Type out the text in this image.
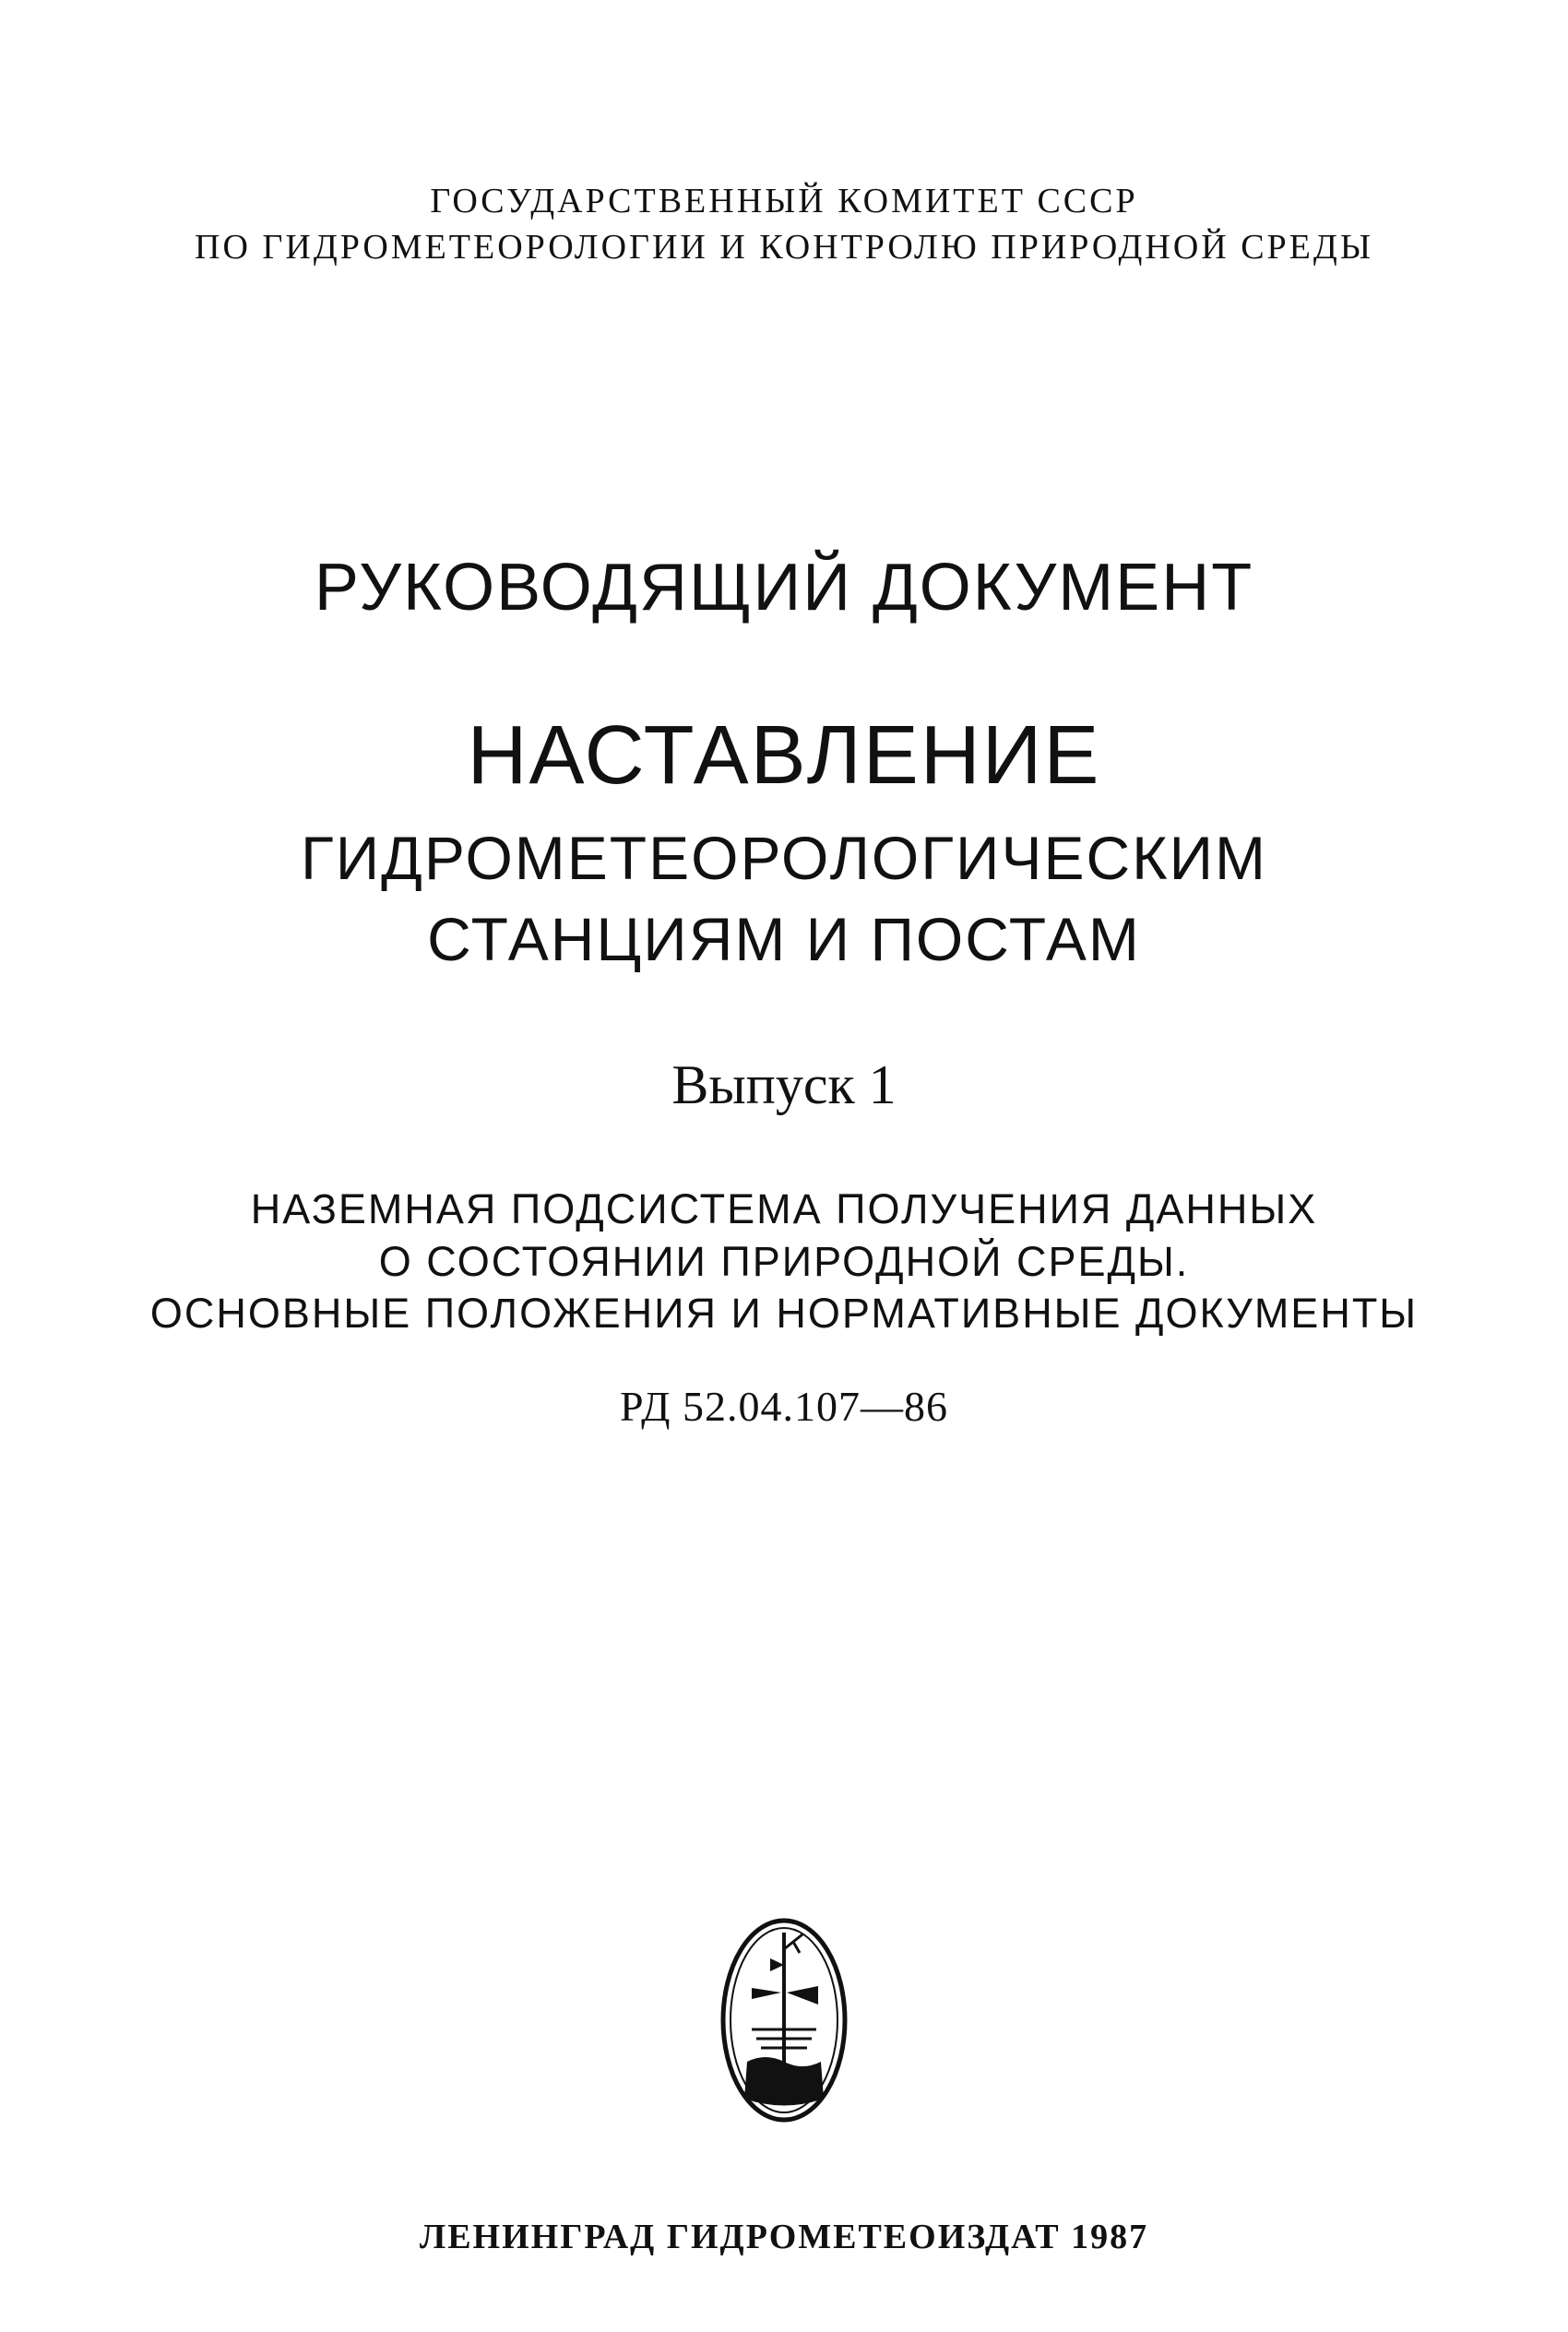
ГОСУДАРСТВЕННЫЙ КОМИТЕТ СССР
ПО ГИДРОМЕТЕОРОЛОГИИ И КОНТРОЛЮ ПРИРОДНОЙ СРЕДЫ
РУКОВОДЯЩИЙ ДОКУМЕНТ
НАСТАВЛЕНИЕ
ГИДРОМЕТЕОРОЛОГИЧЕСКИМ
СТАНЦИЯМ И ПОСТАМ
Выпуск 1
НАЗЕМНАЯ ПОДСИСТЕМА ПОЛУЧЕНИЯ ДАННЫХ
О СОСТОЯНИИ ПРИРОДНОЙ СРЕДЫ.
ОСНОВНЫЕ ПОЛОЖЕНИЯ И НОРМАТИВНЫЕ ДОКУМЕНТЫ
РД 52.04.107—86
ЛЕНИНГРАД ГИДРОМЕТЕОИЗДАТ 1987
